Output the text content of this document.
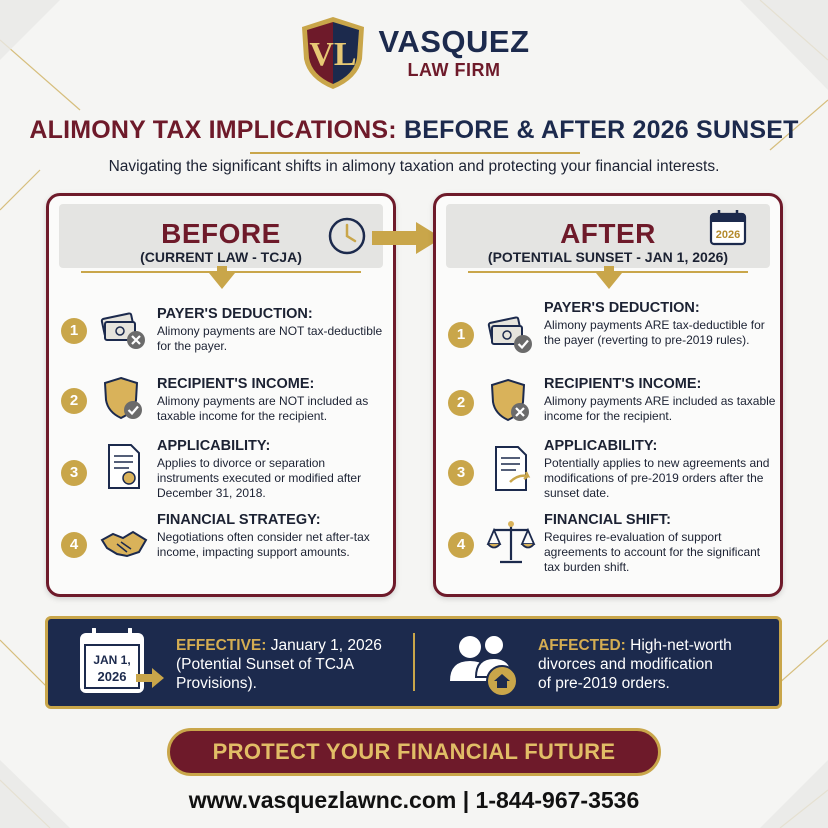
VL VASQUEZ
LAW FIRM
ALIMONY TAX IMPLICATIONS: BEFORE & AFTER 2026 SUNSET
Navigating the significant shifts in alimony taxation and protecting your financial interests.
BEFORE
(CURRENT LAW - TCJA)
1
PAYER'S DEDUCTION:
Alimony payments are NOT tax-deductible for the payer.
2
RECIPIENT'S INCOME:
Alimony payments are NOT included as taxable income for the recipient.
3
APPLICABILITY:
Applies to divorce or separation instruments executed or modified after December 31, 2018.
4
FINANCIAL STRATEGY:
Negotiations often consider net after-tax income, impacting support amounts.
AFTER
(POTENTIAL SUNSET - JAN 1, 2026)
2026
1
PAYER'S DEDUCTION:
Alimony payments ARE tax-deductible for the payer (reverting to pre-2019 rules).
2
RECIPIENT'S INCOME:
Alimony payments ARE included as taxable income for the recipient.
3
APPLICABILITY:
Potentially applies to new agreements and modifications of pre-2019 orders after the sunset date.
4
FINANCIAL SHIFT:
Requires re-evaluation of support agreements to account for the significant tax burden shift.
JAN 1,
2026
EFFECTIVE: January 1, 2026
(Potential Sunset of TCJA
Provisions).
AFFECTED: High-net-worth
divorces and modification
of pre-2019 orders.
PROTECT YOUR FINANCIAL FUTURE
www.vasquezlawnc.com | 1-844-967-3536
